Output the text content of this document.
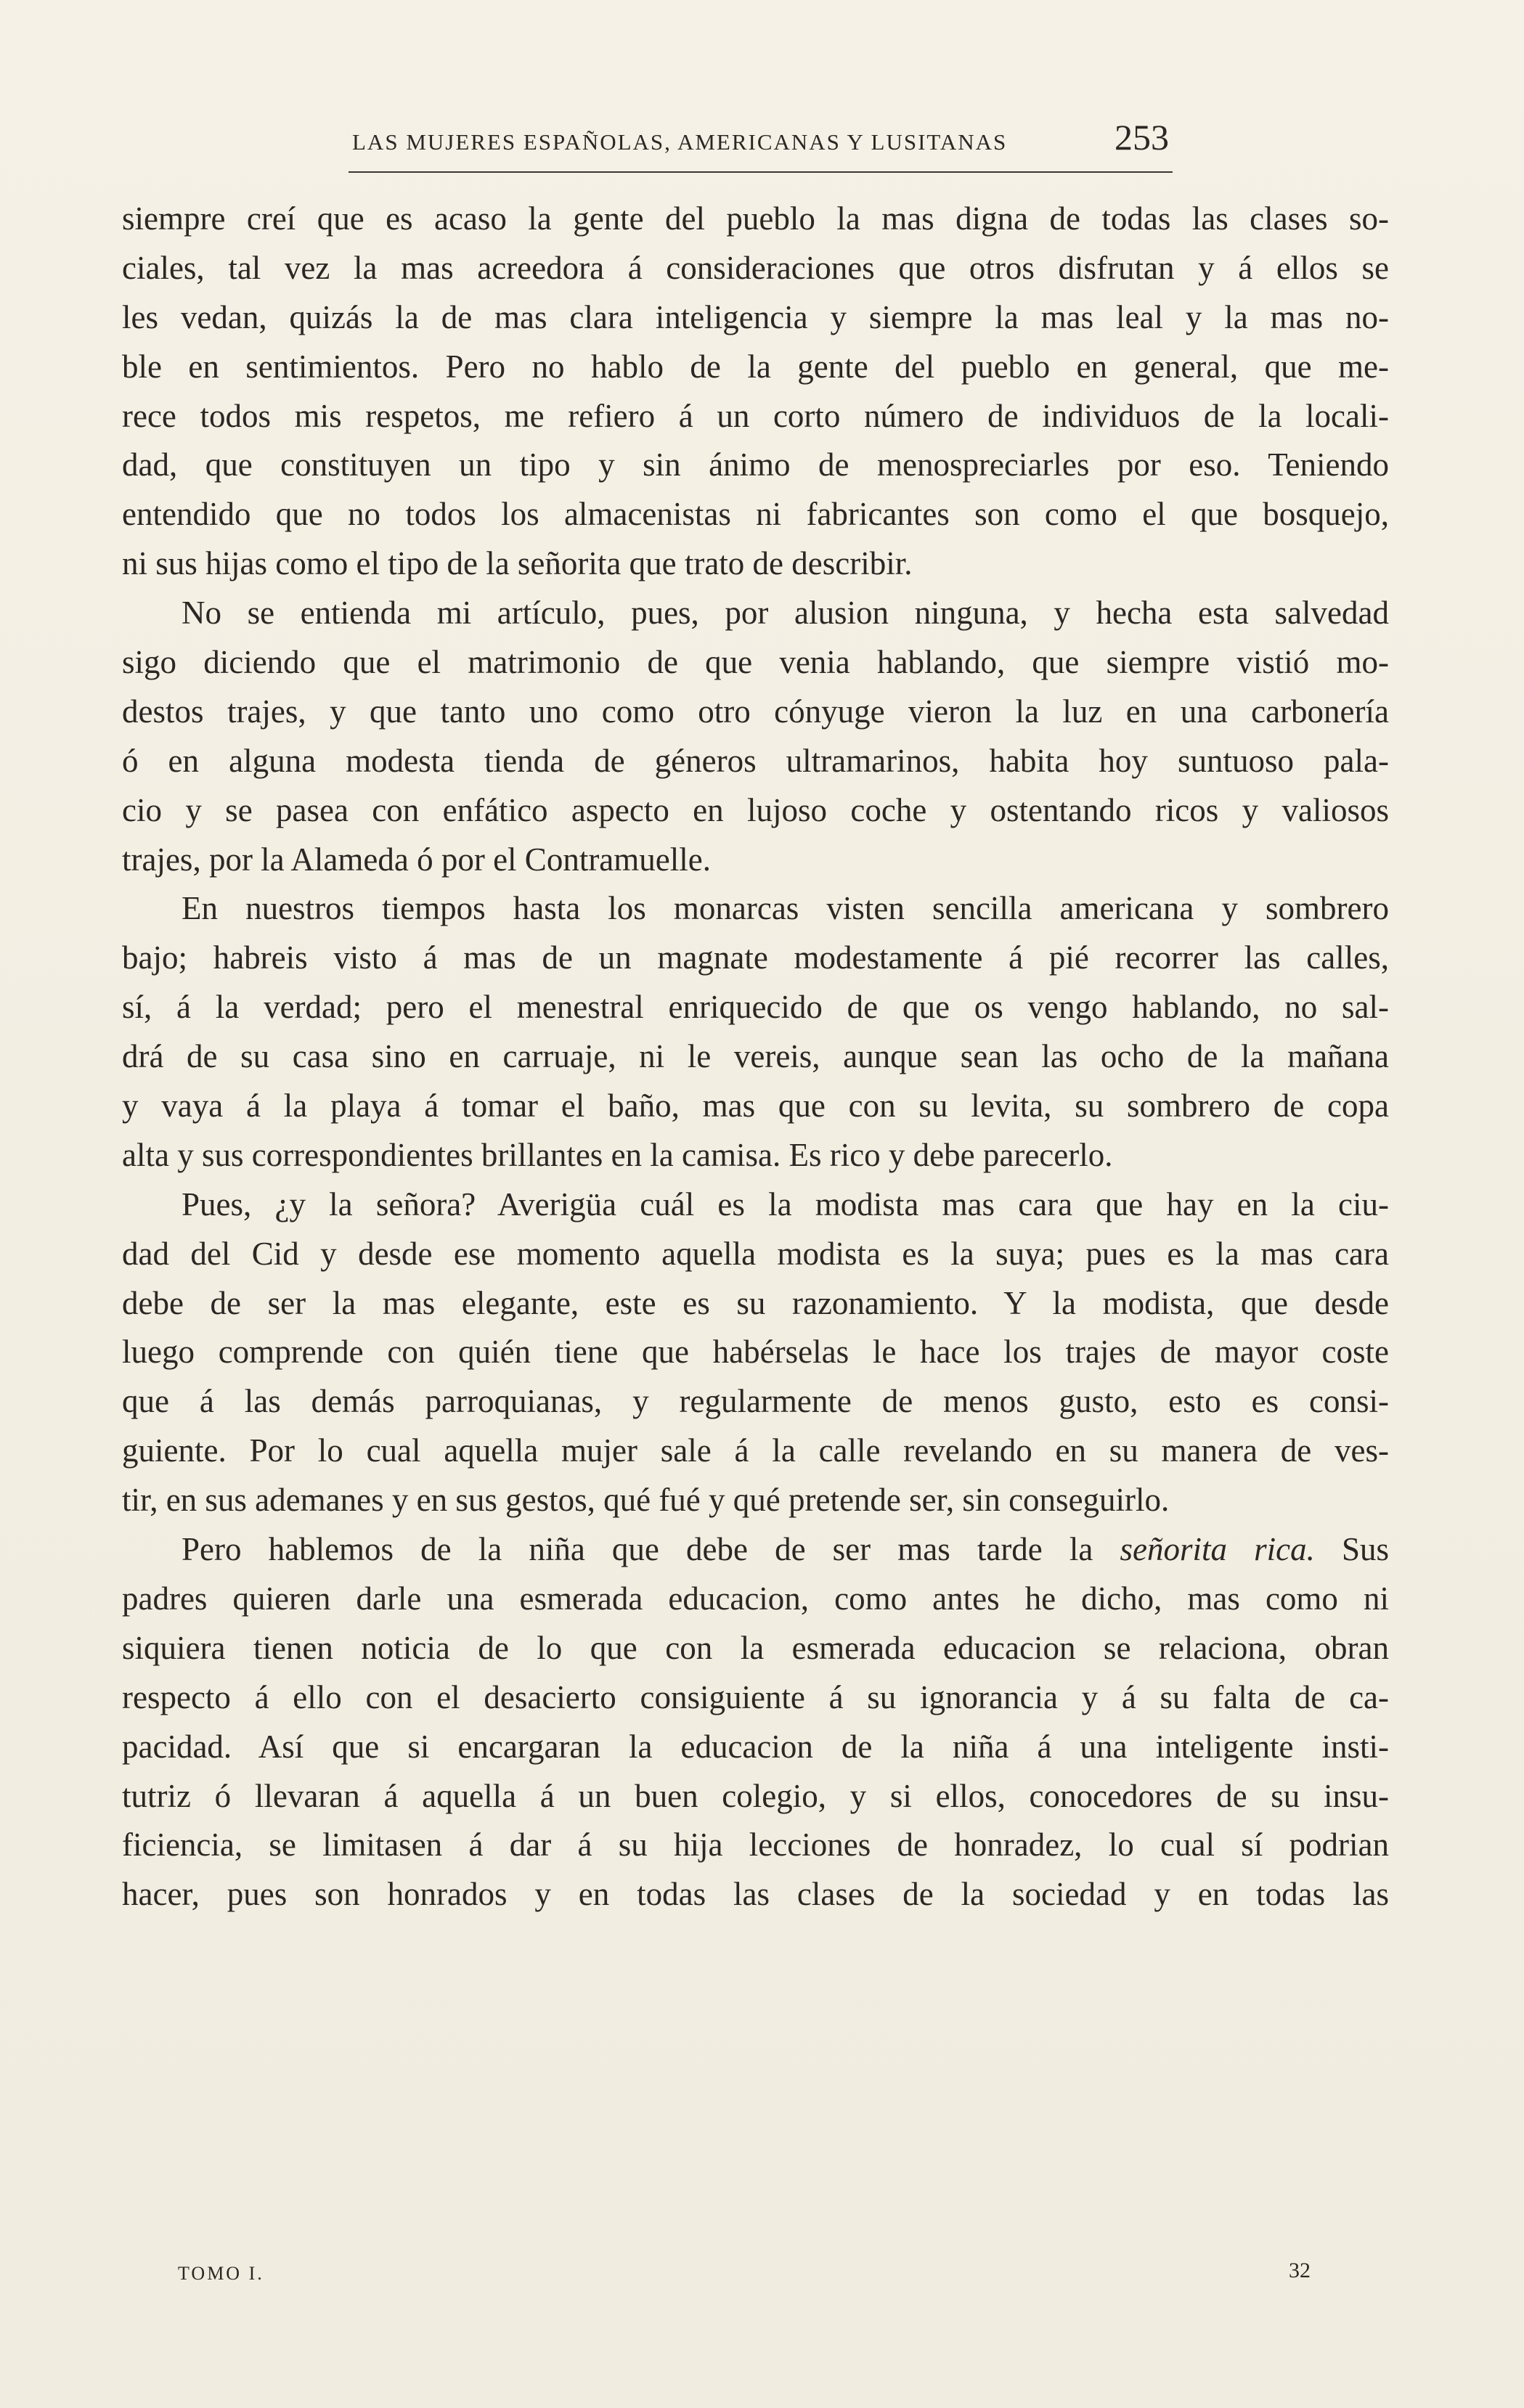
LAS MUJERES ESPAÑOLAS, AMERICANAS Y LUSITANAS	253
siempre creí que es acaso la gente del pueblo la mas digna de todas las clases so-
ciales, tal vez la mas acreedora á consideraciones que otros disfrutan y á ellos se
les vedan, quizás la de mas clara inteligencia y siempre la mas leal y la mas no-
ble en sentimientos. Pero no hablo de la gente del pueblo en general, que me-
rece todos mis respetos, me refiero á un corto número de individuos de la locali-
dad, que constituyen un tipo y sin ánimo de menospreciarles por eso. Teniendo
entendido que no todos los almacenistas ni fabricantes son como el que bosquejo,
ni sus hijas como el tipo de la señorita que trato de describir.
No se entienda mi artículo, pues, por alusion ninguna, y hecha esta salvedad
sigo diciendo que el matrimonio de que venia hablando, que siempre vistió mo-
destos trajes, y que tanto uno como otro cónyuge vieron la luz en una carbonería
ó en alguna modesta tienda de géneros ultramarinos, habita hoy suntuoso pala-
cio y se pasea con enfático aspecto en lujoso coche y ostentando ricos y valiosos
trajes, por la Alameda ó por el Contramuelle.
En nuestros tiempos hasta los monarcas visten sencilla americana y sombrero
bajo; habreis visto á mas de un magnate modestamente á pié recorrer las calles,
sí, á la verdad; pero el menestral enriquecido de que os vengo hablando, no sal-
drá de su casa sino en carruaje, ni le vereis, aunque sean las ocho de la mañana
y vaya á la playa á tomar el baño, mas que con su levita, su sombrero de copa
alta y sus correspondientes brillantes en la camisa. Es rico y debe parecerlo.
Pues, ¿y la señora? Averigüa cuál es la modista mas cara que hay en la ciu-
dad del Cid y desde ese momento aquella modista es la suya; pues es la mas cara
debe de ser la mas elegante, este es su razonamiento. Y la modista, que desde
luego comprende con quién tiene que habérselas le hace los trajes de mayor coste
que á las demás parroquianas, y regularmente de menos gusto, esto es consi-
guiente. Por lo cual aquella mujer sale á la calle revelando en su manera de ves-
tir, en sus ademanes y en sus gestos, qué fué y qué pretende ser, sin conseguirlo.
Pero hablemos de la niña que debe de ser mas tarde la señorita rica. Sus
padres quieren darle una esmerada educacion, como antes he dicho, mas como ni
siquiera tienen noticia de lo que con la esmerada educacion se relaciona, obran
respecto á ello con el desacierto consiguiente á su ignorancia y á su falta de ca-
pacidad. Así que si encargaran la educacion de la niña á una inteligente insti-
tutriz ó llevaran á aquella á un buen colegio, y si ellos, conocedores de su insu-
ficiencia, se limitasen á dar á su hija lecciones de honradez, lo cual sí podrian
hacer, pues son honrados y en todas las clases de la sociedad y en todas las
TOMO I.	32
